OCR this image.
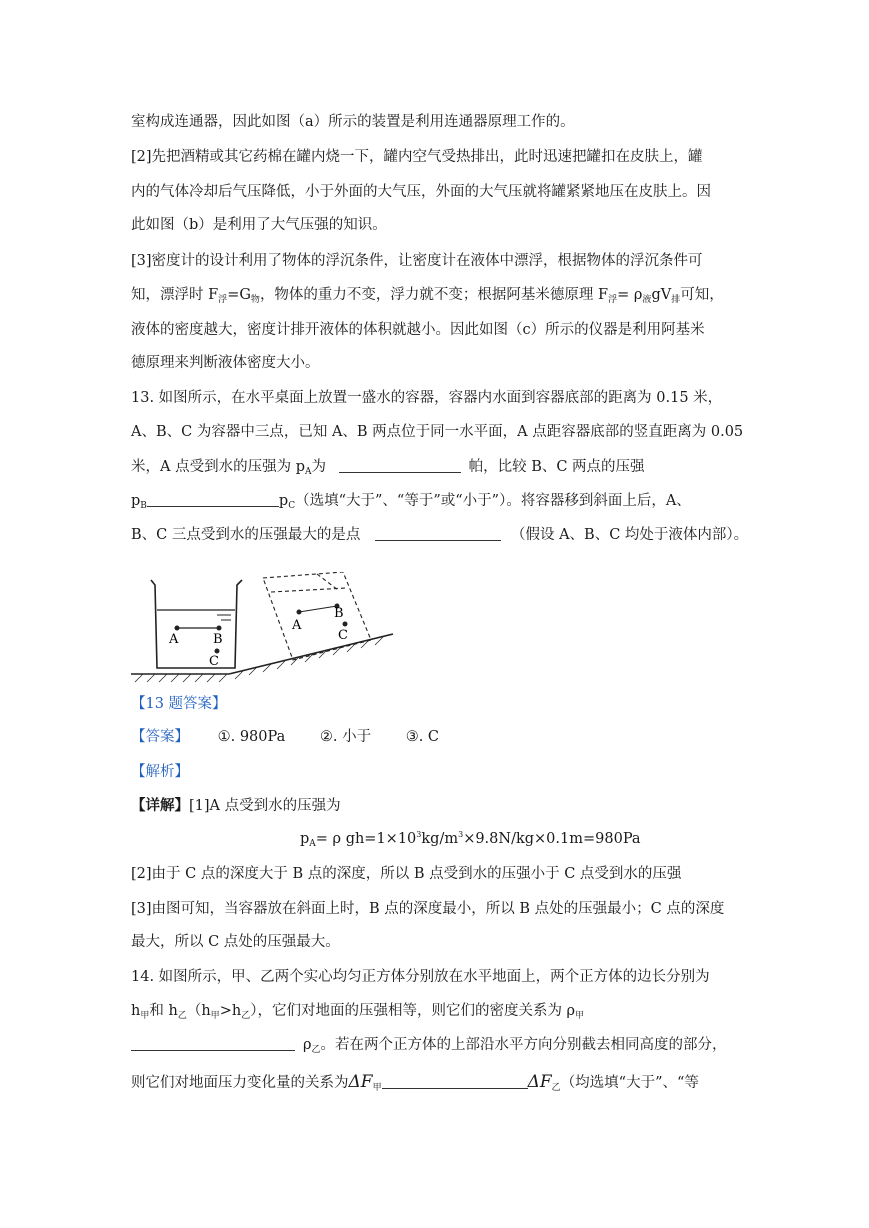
室构成连通器，因此如图（a）所示的装置是利用连通器原理工作的。
[2]先把酒精或其它药棉在罐内烧一下，罐内空气受热排出，此时迅速把罐扣在皮肤上，罐
内的气体冷却后气压降低，小于外面的大气压，外面的大气压就将罐紧紧地压在皮肤上。因
此如图（b）是利用了大气压强的知识。
[3]密度计的设计利用了物体的浮沉条件，让密度计在液体中漂浮，根据物体的浮沉条件可
知，漂浮时 $F_浮=G_物$，物体的重力不变，浮力就不变；根据阿基米德原理 $F_浮= \rho_液gV_排$可知，
液体的密度越大，密度计排开液体的体积就越小。因此如图（c）所示的仪器是利用阿基米
德原理来判断液体密度大小。
13. 如图所示，在水平桌面上放置一盛水的容器，容器内水面到容器底部的距离为 0.15 米，
A、B、C 为容器中三点，已知 A、B 两点位于同一水平面，A 点距容器底部的竖直距离为 0.05
米，A 点受到水的压强为 $p_A$为	帕，比较 B、C 两点的压强
$p_B$	$p_C$（选填“大于”、“等于”或“小于”）。将容器移到斜面上后，A、
B、C 三点受到水的压强最大的是点	（假设 A、B、C 均处于液体内部）。
A	B
C
A
B
C
【13 题答案】
【答案】 ①. 980Pa ②. 小于 ③. C
【解析】
【详解】[1]A 点受到水的压强为
$p_A= \rho$ $gh=1\times 10^3kg/m^3\times 9.8N/kg\times 0.1m=980Pa$
[2]由于 C 点的深度大于 B 点的深度，所以 B 点受到水的压强小于 C 点受到水的压强
[3]由图可知，当容器放在斜面上时，B 点的深度最小，所以 B 点处的压强最小；C 点的深度
最大，所以 C 点处的压强最大。
14. 如图所示，甲、乙两个实心均匀正方体分别放在水平地面上，两个正方体的边长分别为
$h_甲$和 $h_乙(h_甲>h_乙)$，它们对地面的压强相等，则它们的密度关系为 $\rho_甲$
$\rho_乙$。若在两个正方体的上部沿水平方向分别截去相同高度的部分，
则它们对地面压力变化量的关系为$\Delta F_甲$	$\Delta F_乙$（均选填“大于”、“等
